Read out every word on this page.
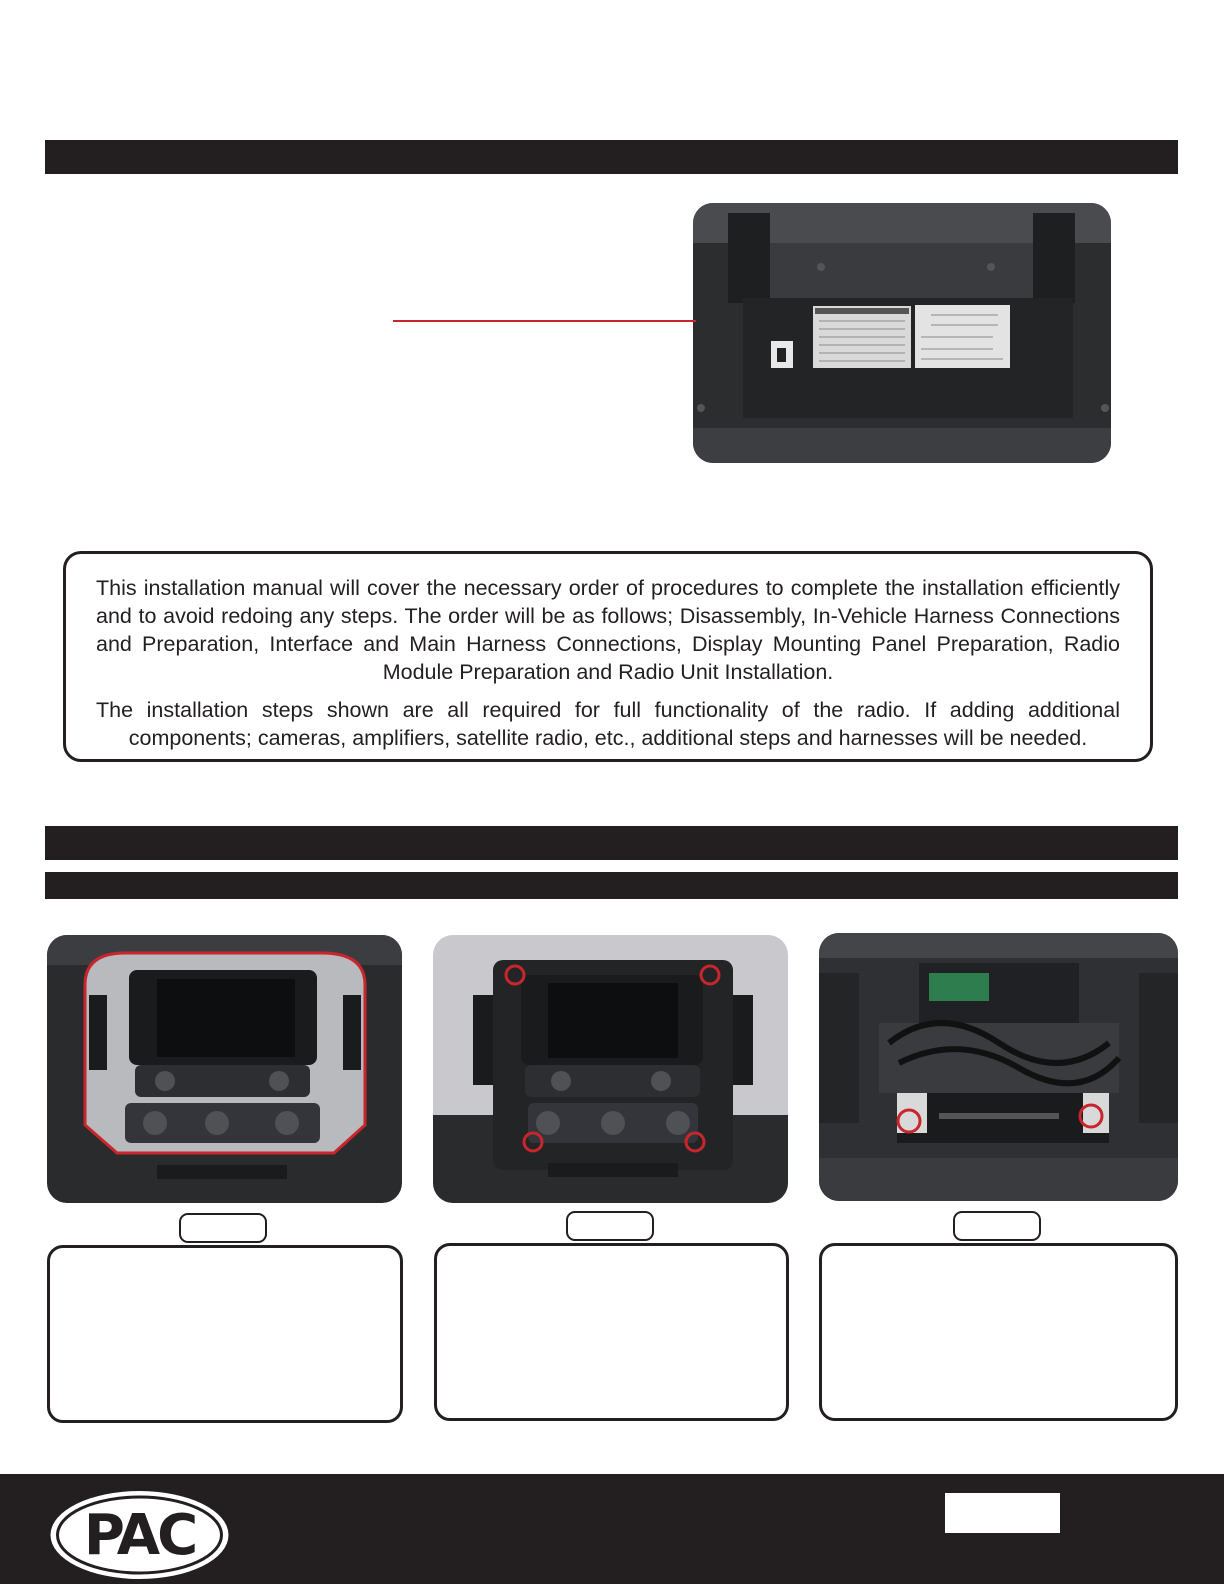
This installation manual will cover the necessary order of procedures to complete the installation efficiently and to avoid redoing any steps. The order will be as follows; Disassembly, In-Vehicle Harness Connections and Preparation, Interface and Main Harness Connections, Display Mounting Panel Preparation, Radio Module Preparation and Radio Unit Installation.

The installation steps shown are all required for full functionality of the radio. If adding additional components; cameras, amplifiers, satellite radio, etc., additional steps and harnesses will be needed.

PAC
